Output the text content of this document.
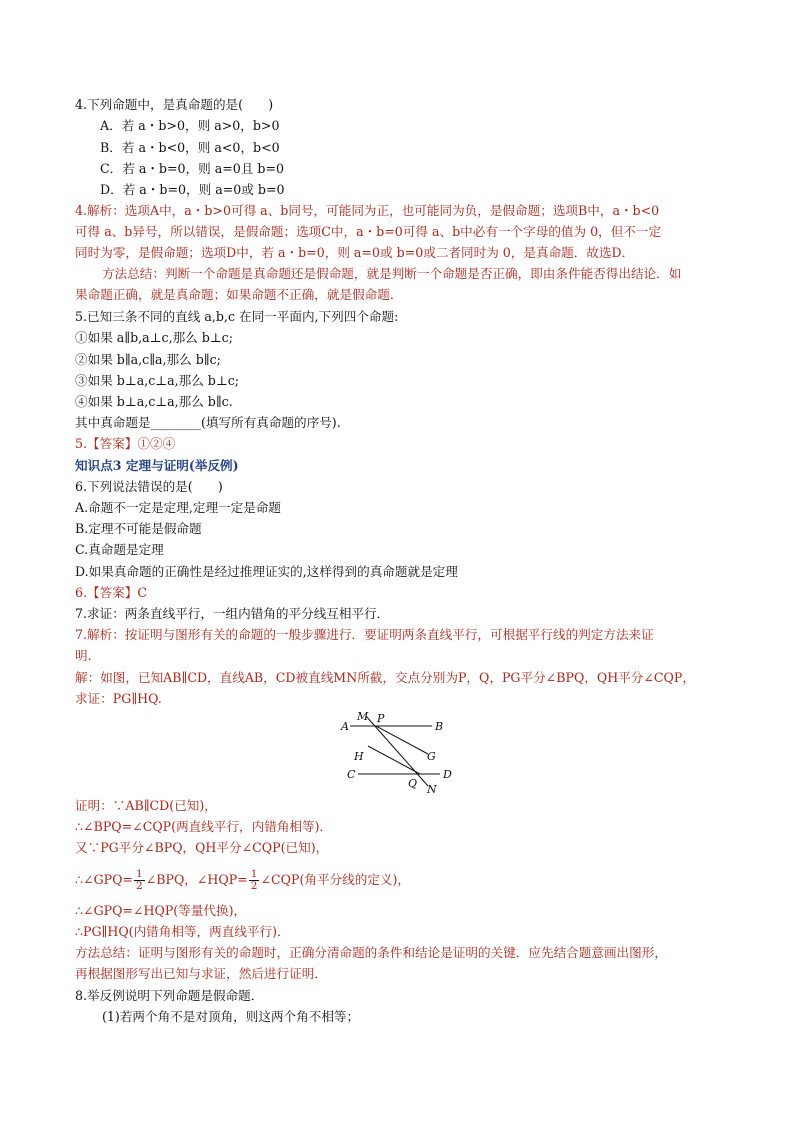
4.下列命题中，是真命题的是(　　)
A．若 a・b>0，则 a>0，b>0
B．若 a・b<0，则 a<0，b<0
C．若 a・b=0，则 a=0且 b=0
D．若 a・b=0，则 a=0或 b=0
4.解析：选项A中，a・b>0可得 a、b同号，可能同为正，也可能同为负，是假命题；选项B中，a・b<0
可得 a、b异号，所以错误，是假命题；选项C中，a・b=0可得 a、b中必有一个字母的值为 0，但不一定
同时为零，是假命题；选项D中，若 a・b=0，则 a=0或 b=0或二者同时为 0，是真命题．故选D．
方法总结：判断一个命题是真命题还是假命题，就是判断一个命题是否正确，即由条件能否得出结论．如
果命题正确，就是真命题；如果命题不正确，就是假命题．
5.已知三条不同的直线 a,b,c 在同一平面内,下列四个命题:
①如果 a∥b,a⊥c,那么 b⊥c;
②如果 b∥a,c∥a,那么 b∥c;
③如果 b⊥a,c⊥a,那么 b⊥c;
④如果 b⊥a,c⊥a,那么 b∥c.
其中真命题是________(填写所有真命题的序号).
5.【答案】①②④
知识点3 定理与证明(举反例)
6.下列说法错误的是(　　)
A.命题不一定是定理,定理一定是命题
B.定理不可能是假命题
C.真命题是定理
D.如果真命题的正确性是经过推理证实的,这样得到的真命题就是定理
6.【答案】C
7.求证：两条直线平行，一组内错角的平分线互相平行．
7.解析：按证明与图形有关的命题的一般步骤进行．要证明两条直线平行，可根据平行线的判定方法来证
明．
解：如图，已知AB∥CD，直线AB，CD被直线MN所截，交点分别为P，Q，PG平分∠BPQ，QH平分∠CQP，
求证：PG∥HQ.
M P
A	B
H	G
C
Q
D
N
证明：∵AB∥CD(已知)，
∴∠BPQ=∠CQP(两直线平行，内错角相等)．
又∵PG平分∠BPQ，QH平分∠CQP(已知)，
∴∠GPQ= $\frac{1}{2}$ ∠BPQ，∠HQP= $\frac{1}{2}$ ∠CQP(角平分线的定义)，
∴∠GPQ=∠HQP(等量代换)，
∴PG∥HQ(内错角相等，两直线平行)．
方法总结：证明与图形有关的命题时，正确分清命题的条件和结论是证明的关键．应先结合题意画出图形，
再根据图形写出已知与求证，然后进行证明．
8.举反例说明下列命题是假命题．
(1)若两个角不是对顶角，则这两个角不相等；
